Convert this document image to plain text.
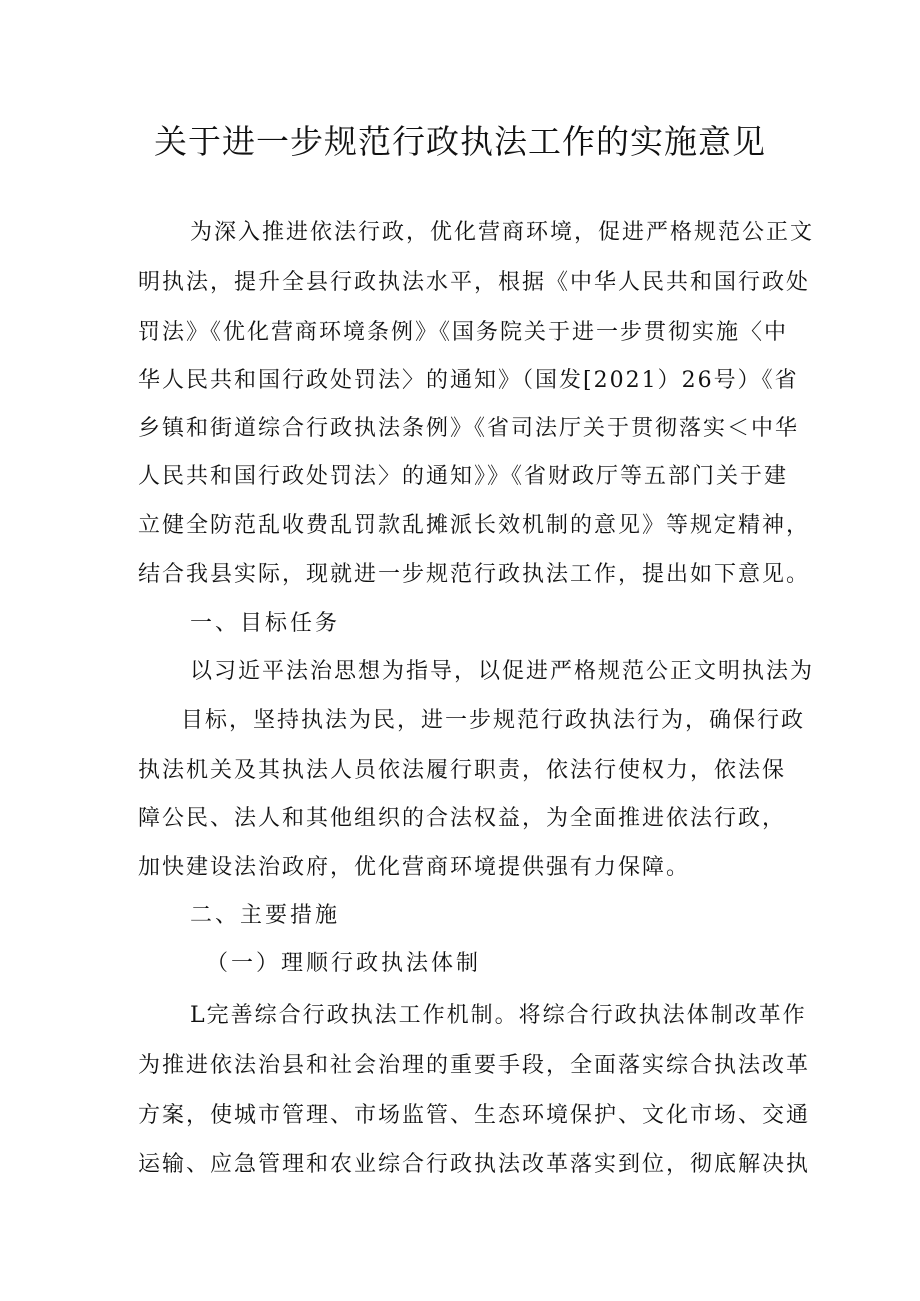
关于进一步规范行政执法工作的实施意见
为深入推进依法行政，优化营商环境，促进严格规范公正文
明执法，提升全县行政执法水平，根据《中华人民共和国行政处
罚法》《优化营商环境条例》《国务院关于进一步贯彻实施〈中
华人民共和国行政处罚法〉的通知》（国发[2021）26号）《省
乡镇和街道综合行政执法条例》《省司法厅关于贯彻落实＜中华
人民共和国行政处罚法〉的通知》》《省财政厅等五部门关于建
立健全防范乱收费乱罚款乱摊派长效机制的意见》等规定精神，
结合我县实际，现就进一步规范行政执法工作，提出如下意见。
一、目标任务
以习近平法治思想为指导，以促进严格规范公正文明执法为
目标，坚持执法为民，进一步规范行政执法行为，确保行政
执法机关及其执法人员依法履行职责，依法行使权力，依法保
障公民、法人和其他组织的合法权益，为全面推进依法行政，
加快建设法治政府，优化营商环境提供强有力保障。
二、主要措施
（一）理顺行政执法体制
L完善综合行政执法工作机制。将综合行政执法体制改革作
为推进依法治县和社会治理的重要手段，全面落实综合执法改革
方案，使城市管理、市场监管、生态环境保护、文化市场、交通
运输、应急管理和农业综合行政执法改革落实到位，彻底解决执
